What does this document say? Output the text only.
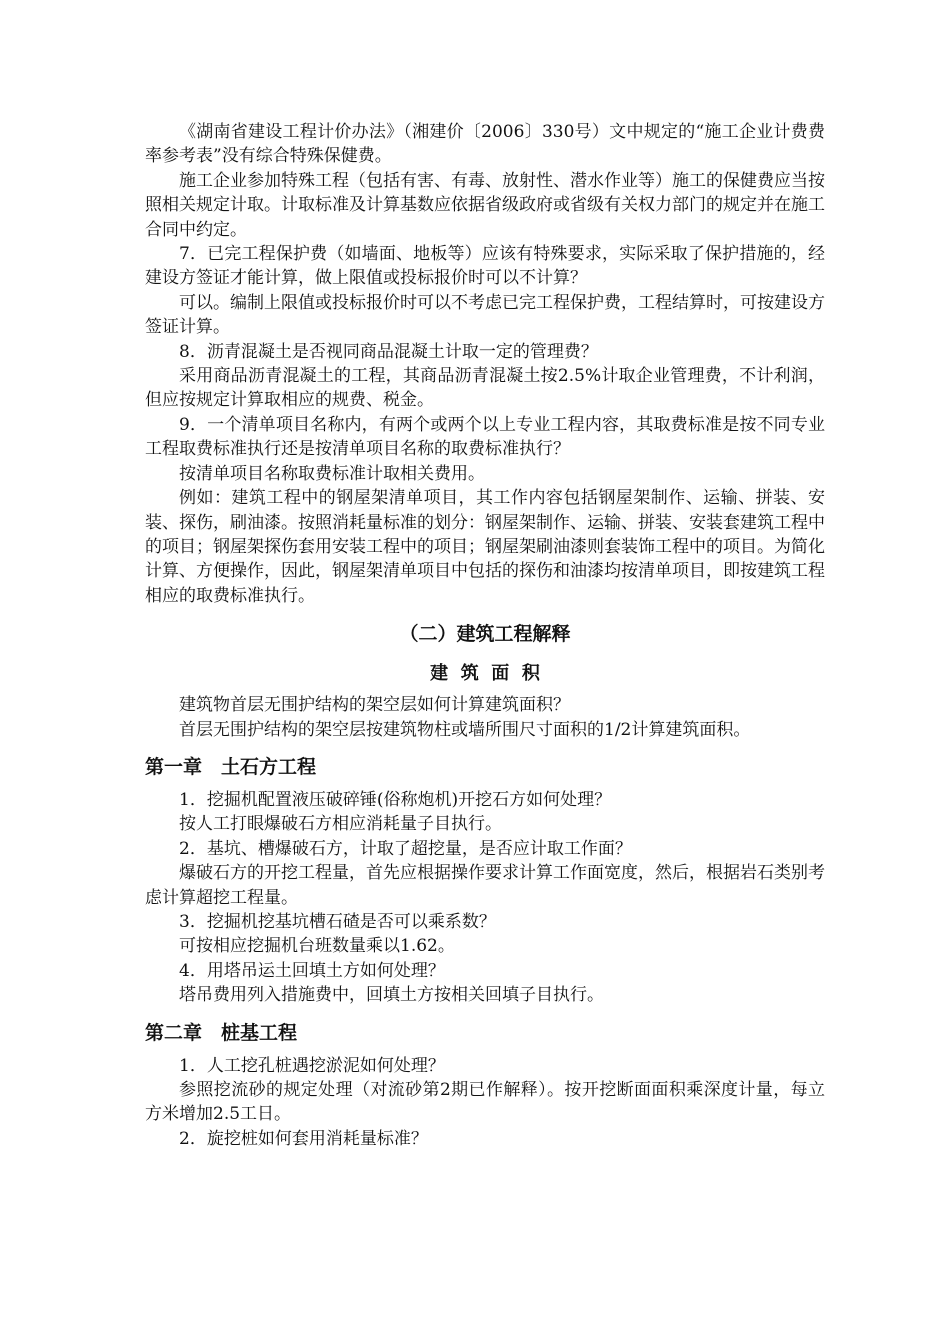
《湖南省建设工程计价办法》（湘建价〔2006〕330号）文中规定的“施工企业计费费率参考表”没有综合特殊保健费。

施工企业参加特殊工程（包括有害、有毒、放射性、潜水作业等）施工的保健费应当按照相关规定计取。计取标准及计算基数应依据省级政府或省级有关权力部门的规定并在施工合同中约定。

7．已完工程保护费（如墙面、地板等）应该有特殊要求，实际采取了保护措施的，经建设方签证才能计算，做上限值或投标报价时可以不计算？

可以。编制上限值或投标报价时可以不考虑已完工程保护费，工程结算时，可按建设方签证计算。

8．沥青混凝土是否视同商品混凝土计取一定的管理费？

采用商品沥青混凝土的工程，其商品沥青混凝土按2.5%计取企业管理费，不计利润，但应按规定计算取相应的规费、税金。

9．一个清单项目名称内，有两个或两个以上专业工程内容，其取费标准是按不同专业工程取费标准执行还是按清单项目名称的取费标准执行？

按清单项目名称取费标准计取相关费用。

例如：建筑工程中的钢屋架清单项目，其工作内容包括钢屋架制作、运输、拼装、安装、探伤，刷油漆。按照消耗量标准的划分：钢屋架制作、运输、拼装、安装套建筑工程中的项目；钢屋架探伤套用安装工程中的项目；钢屋架刷油漆则套装饰工程中的项目。为简化计算、方便操作，因此，钢屋架清单项目中包括的探伤和油漆均按清单项目，即按建筑工程相应的取费标准执行。

（二）建筑工程解释
建筑面积

建筑物首层无围护结构的架空层如何计算建筑面积？

首层无围护结构的架空层按建筑物柱或墙所围尺寸面积的1/2计算建筑面积。

第一章　土石方工程

1．挖掘机配置液压破碎锤(俗称炮机)开挖石方如何处理？

按人工打眼爆破石方相应消耗量子目执行。

2．基坑、槽爆破石方，计取了超挖量，是否应计取工作面？

爆破石方的开挖工程量，首先应根据操作要求计算工作面宽度，然后，根据岩石类别考虑计算超挖工程量。

3．挖掘机挖基坑槽石碴是否可以乘系数？

可按相应挖掘机台班数量乘以1.62。

4．用塔吊运土回填土方如何处理？

塔吊费用列入措施费中，回填土方按相关回填子目执行。

第二章　桩基工程

1．人工挖孔桩遇挖淤泥如何处理？

参照挖流砂的规定处理（对流砂第2期已作解释）。按开挖断面面积乘深度计量，每立方米增加2.5工日。

2．旋挖桩如何套用消耗量标准？
